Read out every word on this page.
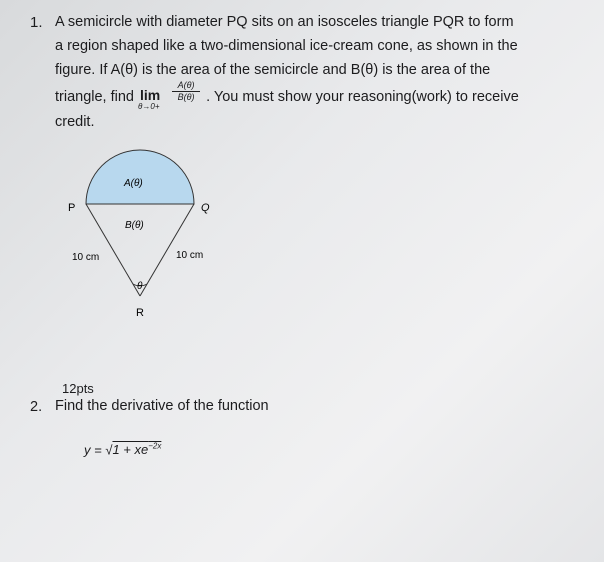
1. A semicircle with diameter PQ sits on an isosceles triangle PQR to form
a region shaped like a two-dimensional ice-cream cone, as shown in the
figure. If A(θ) is the area of the semicircle and B(θ) is the area of the
triangle, find lim
θ→0+
$\frac{A(\theta)}{B(\theta)}$ . You must show your reasoning(work) to receive
credit.
A(θ)
B(θ)
P	Q
10 cm	10 cm
θ
R
12pts
2. Find the derivative of the function
$y = √1 + xe^{-2x}$
